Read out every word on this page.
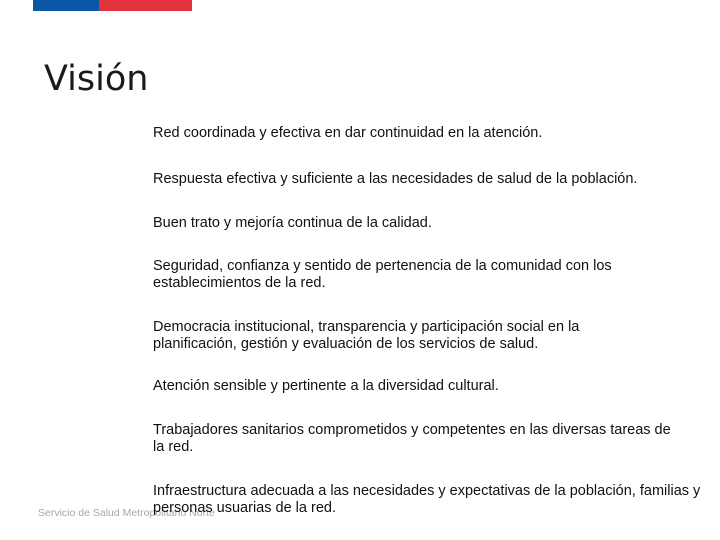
Servicio de Salud Metropolitano Norte
Visión
Red coordinada y efectiva en dar continuidad en la atención.
Respuesta efectiva y suficiente a las necesidades de salud de la población.
Buen trato y mejoría continua de la calidad.
Seguridad, confianza y sentido de pertenencia de la comunidad con los establecimientos de la red.
Democracia institucional, transparencia y participación social en la planificación, gestión y evaluación de los servicios de salud.
Atención sensible y pertinente a la diversidad cultural.
Trabajadores sanitarios comprometidos y competentes en las diversas tareas de la red.
Infraestructura adecuada a las necesidades y expectativas de la población, familias y personas usuarias de la red.
